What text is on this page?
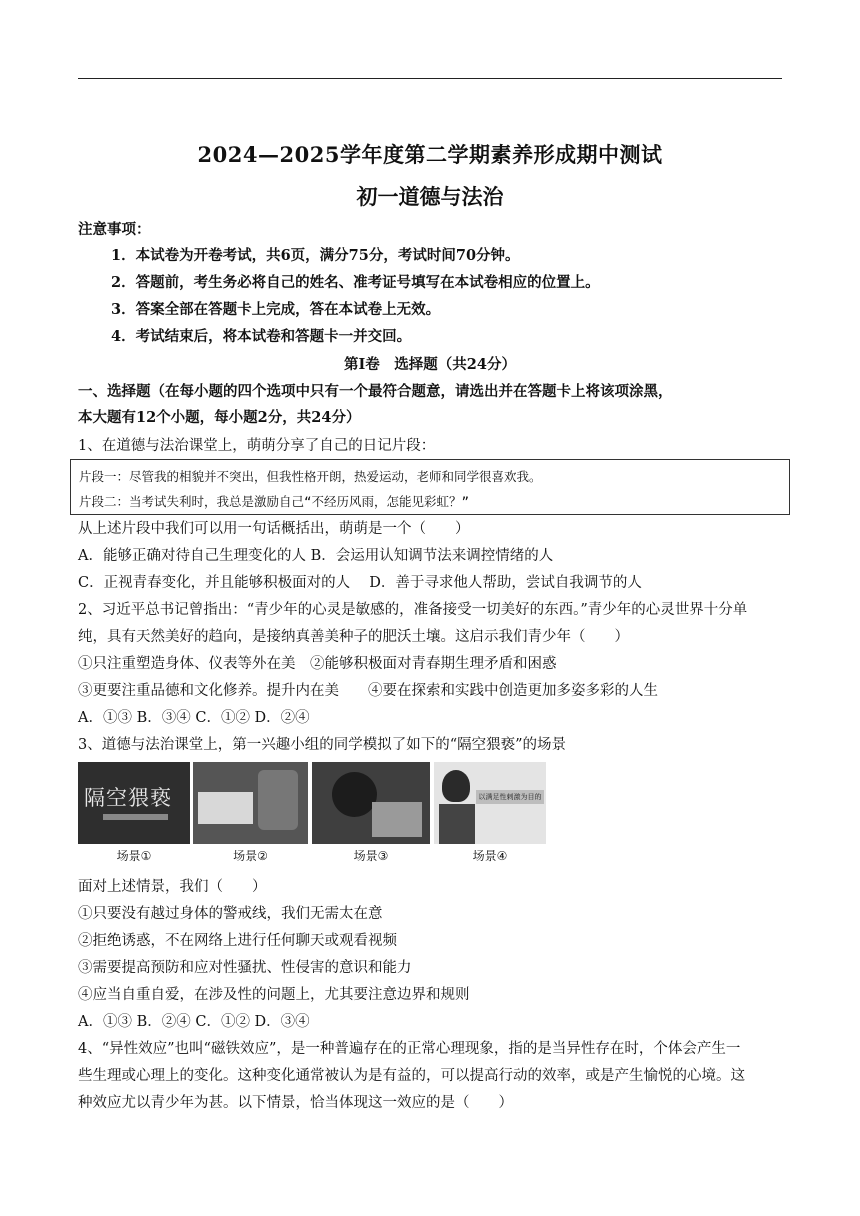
2024—2025学年度第二学期素养形成期中测试
初一道德与法治
注意事项：
1．本试卷为开卷考试，共6页，满分75分，考试时间70分钟。
2．答题前，考生务必将自己的姓名、准考证号填写在本试卷相应的位置上。
3．答案全部在答题卡上完成，答在本试卷上无效。
4．考试结束后，将本试卷和答题卡一并交回。
第Ⅰ卷　选择题（共24分）
一、选择题（在每小题的四个选项中只有一个最符合题意，请选出并在答题卡上将该项涂黑，
本大题有12个小题，每小题2分，共24分）
1、在道德与法治课堂上，萌萌分享了自己的日记片段：
片段一：尽管我的相貌并不突出，但我性格开朗，热爱运动，老师和同学很喜欢我。
片段二：当考试失利时，我总是激励自己“不经历风雨，怎能见彩虹？”
从上述片段中我们可以用一句话概括出，萌萌是一个（　　）
A．能够正确对待自己生理变化的人 B．会运用认知调节法来调控情绪的人
C．正视青春变化，并且能够积极面对的人　 D．善于寻求他人帮助，尝试自我调节的人
2、习近平总书记曾指出：“青少年的心灵是敏感的，准备接受一切美好的东西。”青少年的心灵世界十分单
纯，具有天然美好的趋向，是接纳真善美种子的肥沃土壤。这启示我们青少年（　　）
①只注重塑造身体、仪表等外在美　②能够积极面对青春期生理矛盾和困惑
③更要注重品德和文化修养。提升内在美　　④要在探索和实践中创造更加多姿多彩的人生
A．①③ B．③④ C．①② D．②④
3、道德与法治课堂上，第一兴趣小组的同学模拟了如下的“隔空猥亵”的场景
隔空猥亵
场景①	场景②	场景③
以满足性刺激为目的
场景④
面对上述情景，我们（　　）
①只要没有越过身体的警戒线，我们无需太在意
②拒绝诱惑，不在网络上进行任何聊天或观看视频
③需要提高预防和应对性骚扰、性侵害的意识和能力
④应当自重自爱，在涉及性的问题上，尤其要注意边界和规则
A．①③ B．②④ C．①② D．③④
4、“异性效应”也叫“磁铁效应”，是一种普遍存在的正常心理现象，指的是当异性存在时，个体会产生一
些生理或心理上的变化。这种变化通常被认为是有益的，可以提高行动的效率，或是产生愉悦的心境。这
种效应尤以青少年为甚。以下情景，恰当体现这一效应的是（　　）
